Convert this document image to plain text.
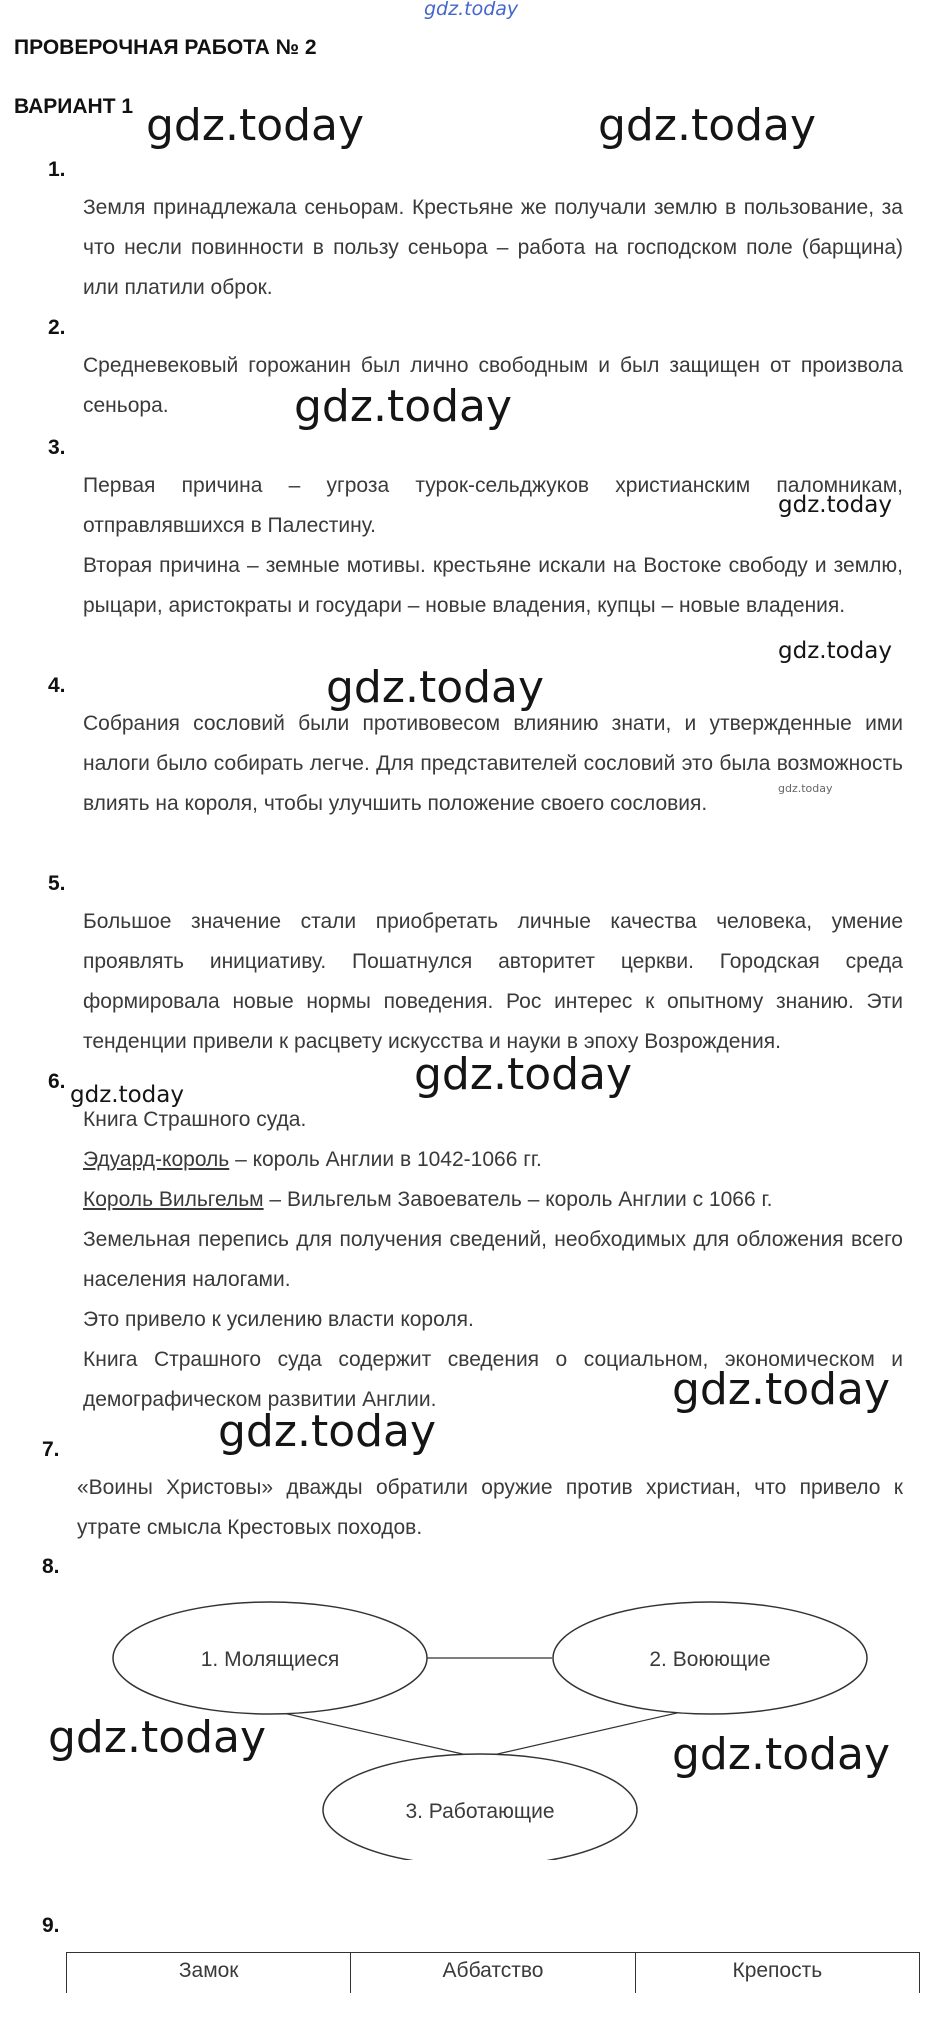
gdz.today
gdz.today	gdz.today
gdz.today
gdz.today
gdz.today
gdz.today
gdz.today
gdz.today	gdz.today
gdz.today
gdz.today
gdz.today	gdz.today
ПРОВЕРОЧНАЯ РАБОТА № 2
ВАРИАНТ 1
1.
Земля принадлежала сеньорам. Крестьяне же получали землю в пользование, за что несли повинности в пользу сеньора – работа на господском поле (барщина) или платили оброк.
2.
Средневековый горожанин был лично свободным и был защищен от произвола сеньора.
3.
Первая причина – угроза турок-сельджуков христианским паломникам, отправлявшихся в Палестину.
Вторая причина – земные мотивы. крестьяне искали на Востоке свободу и землю, рыцари, аристократы и государи – новые владения, купцы – новые владения.
4.
Собрания сословий были противовесом влиянию знати, и утвержденные ими налоги было собирать легче. Для представителей сословий это была возможность влиять на короля, чтобы улучшить положение своего сословия.
5.
Большое значение стали приобретать личные качества человека, умение проявлять инициативу. Пошатнулся авторитет церкви. Городская среда формировала новые нормы поведения. Рос интерес к опытному знанию. Эти тенденции привели к расцвету искусства и науки в эпоху Возрождения.
6.
Книга Страшного суда.
Эдуард-король – король Англии в 1042-1066 гг.
Король Вильгельм – Вильгельм Завоеватель – король Англии с 1066 г.
Земельная перепись для получения сведений, необходимых для обложения всего населения налогами.
Это привело к усилению власти короля.
Книга Страшного суда содержит сведения о социальном, экономическом и демографическом развитии Англии.
7.
«Воины Христовы» дважды обратили оружие против христиан, что привело к утрате смысла Крестовых походов.
8.
1. Молящиеся	2. Воюющие
3. Работающие
9.
Замок	Аббатство	Крепость
